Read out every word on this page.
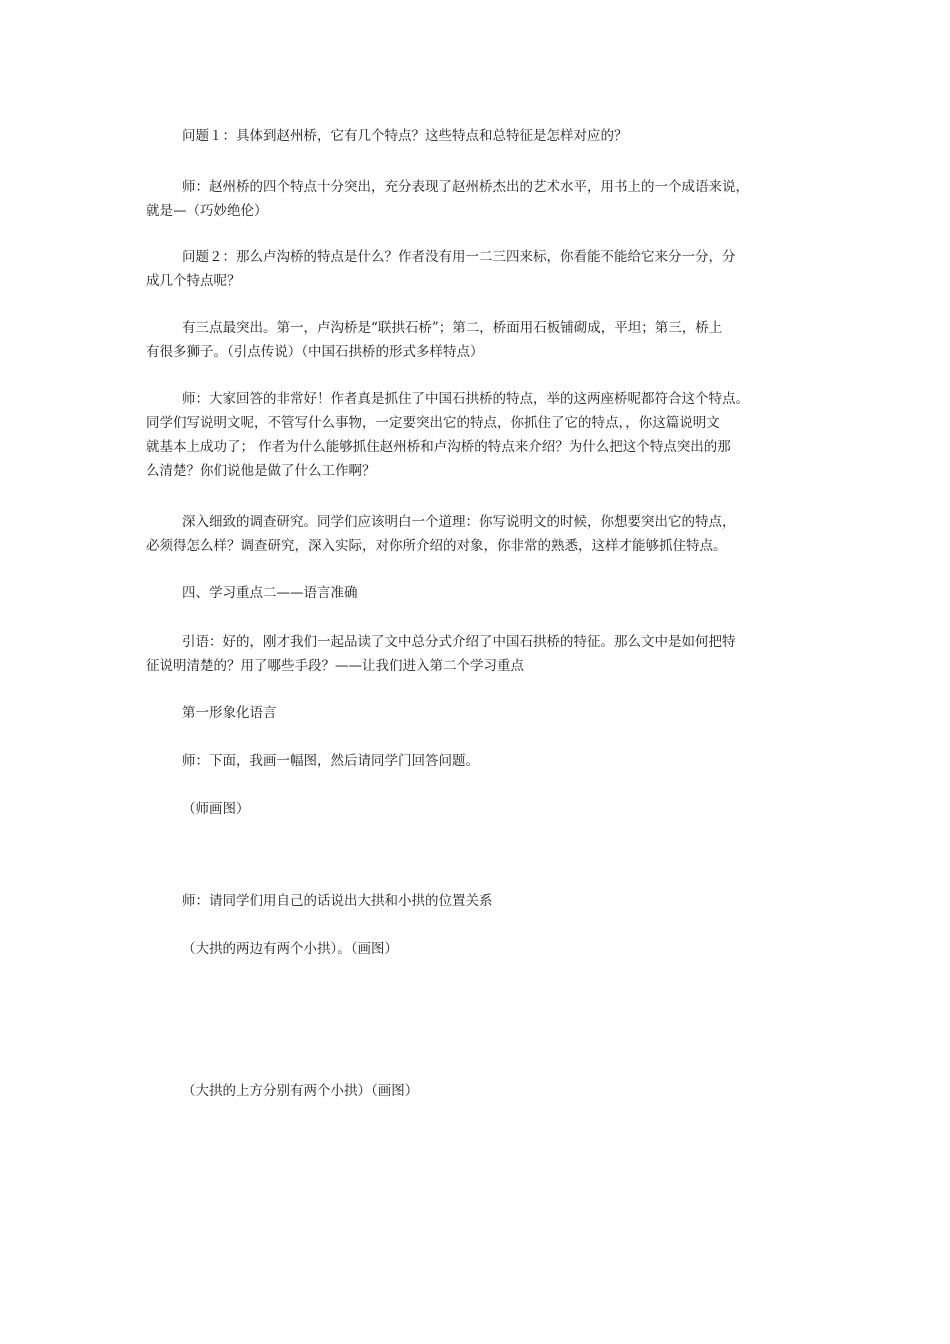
问题１：具体到赵州桥，它有几个特点？这些特点和总特征是怎样对应的？

师：赵州桥的四个特点十分突出，充分表现了赵州桥杰出的艺术水平，用书上的一个成语来说，
就是—（巧妙绝伦）

问题２：那么卢沟桥的特点是什么？作者没有用一二三四来标，你看能不能给它来分一分，分
成几个特点呢？

有三点最突出。第一，卢沟桥是“联拱石桥”；第二，桥面用石板铺砌成，平坦；第三，桥上
有很多狮子。（引点传说）（中国石拱桥的形式多样特点）

师：大家回答的非常好！作者真是抓住了中国石拱桥的特点，举的这两座桥呢都符合这个特点。
同学们写说明文呢，不管写什么事物，一定要突出它的特点，你抓住了它的特点，，你这篇说明文
就基本上成功了； 作者为什么能够抓住赵州桥和卢沟桥的特点来介绍？为什么把这个特点突出的那
么清楚？你们说他是做了什么工作啊？

深入细致的调查研究。同学们应该明白一个道理：你写说明文的时候，你想要突出它的特点，
必须得怎么样？调查研究，深入实际，对你所介绍的对象，你非常的熟悉，这样才能够抓住特点。

四、学习重点二——语言准确

引语：好的，刚才我们一起品读了文中总分式介绍了中国石拱桥的特征。那么文中是如何把特
征说明清楚的？用了哪些手段？——让我们进入第二个学习重点

第一形象化语言

师：下面，我画一幅图，然后请同学门回答问题。

（师画图）

师：请同学们用自己的话说出大拱和小拱的位置关系

（大拱的两边有两个小拱）。（画图）

（大拱的上方分别有两个小拱）（画图）
